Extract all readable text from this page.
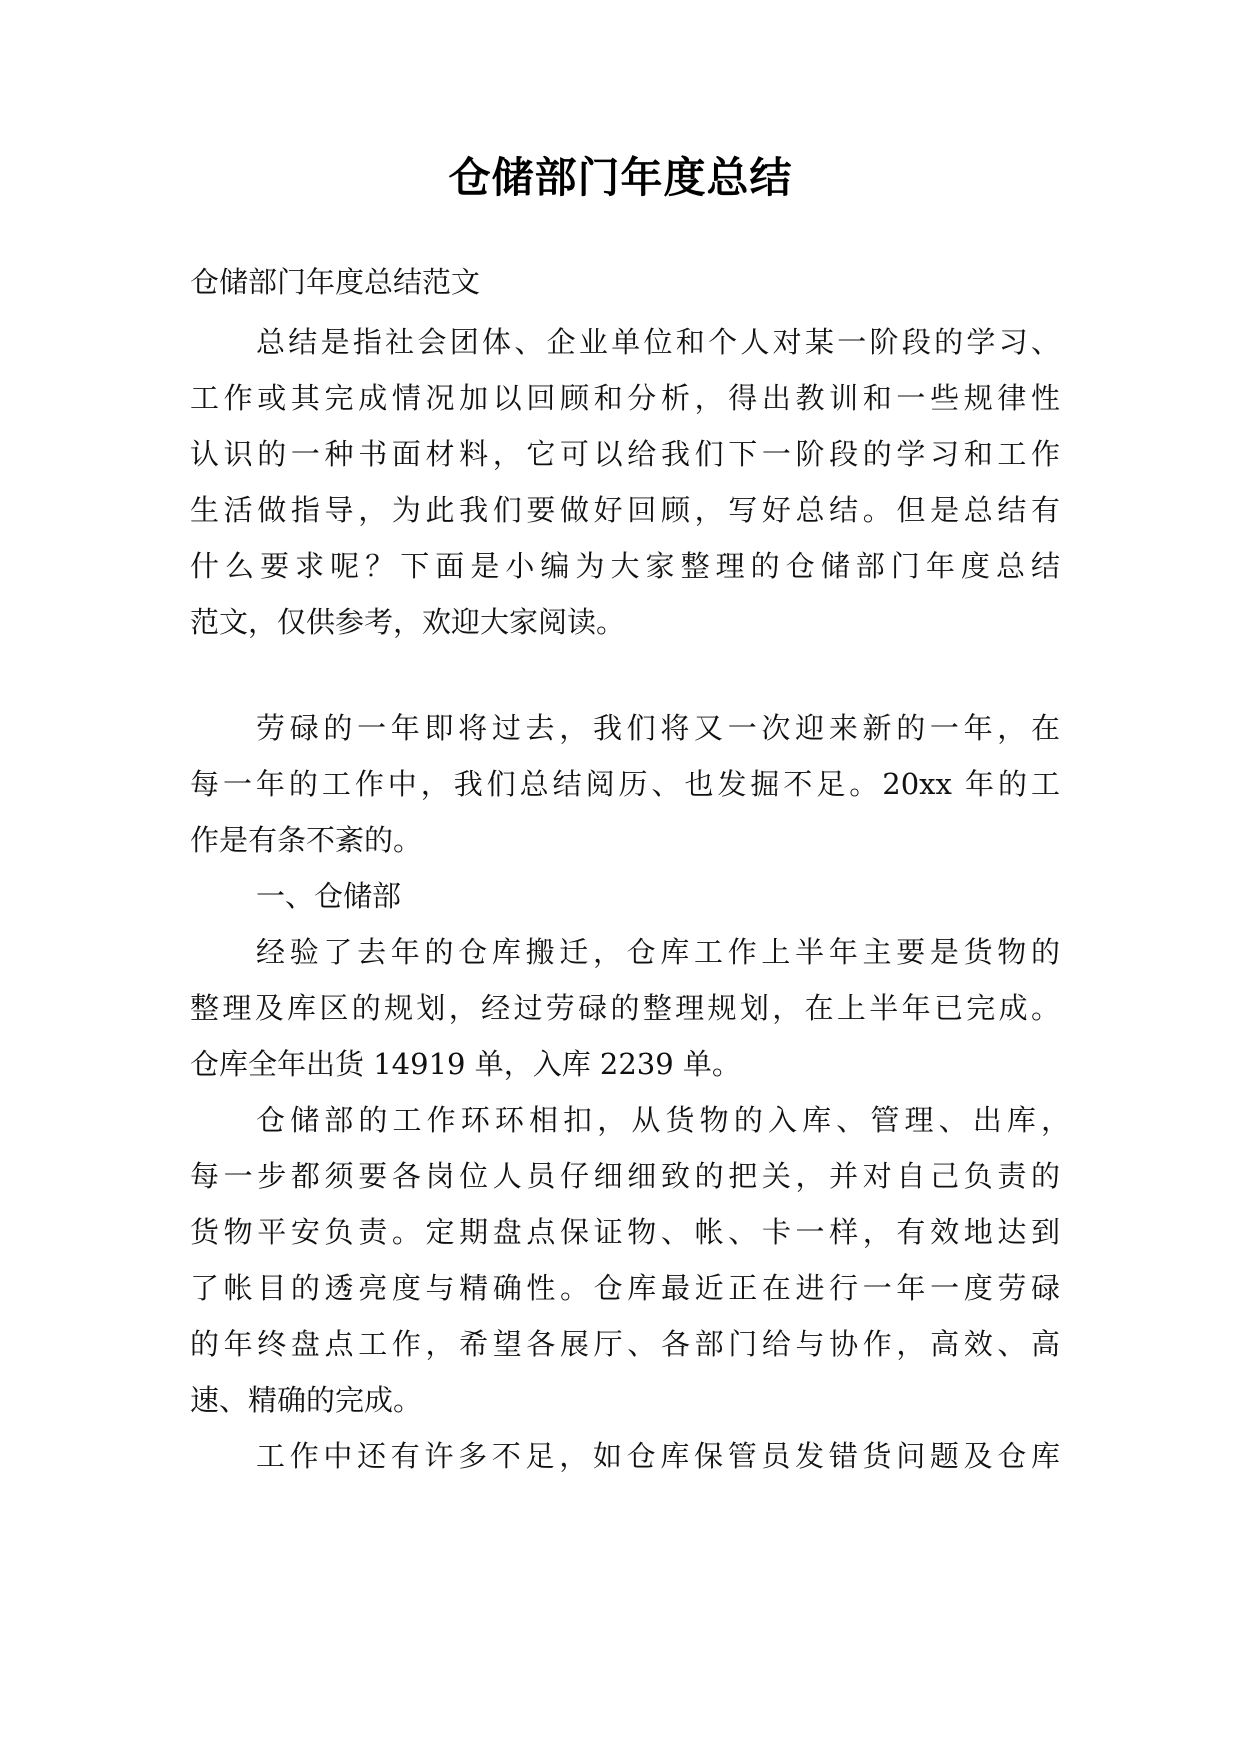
仓储部门年度总结
仓储部门年度总结范文
总结是指社会团体、企业单位和个人对某一阶段的学习、
工作或其完成情况加以回顾和分析，得出教训和一些规律性
认识的一种书面材料，它可以给我们下一阶段的学习和工作
生活做指导，为此我们要做好回顾，写好总结。但是总结有
什么要求呢？下面是小编为大家整理的仓储部门年度总结
范文，仅供参考，欢迎大家阅读。
劳碌的一年即将过去，我们将又一次迎来新的一年，在
每一年的工作中，我们总结阅历、也发掘不足。20xx 年的工
作是有条不紊的。
一、仓储部
经验了去年的仓库搬迁，仓库工作上半年主要是货物的
整理及库区的规划，经过劳碌的整理规划，在上半年已完成。
仓库全年出货 14919 单，入库 2239 单。
仓储部的工作环环相扣，从货物的入库、管理、出库，
每一步都须要各岗位人员仔细细致的把关，并对自己负责的
货物平安负责。定期盘点保证物、帐、卡一样，有效地达到
了帐目的透亮度与精确性。仓库最近正在进行一年一度劳碌
的年终盘点工作，希望各展厅、各部门给与协作，高效、高
速、精确的完成。
工作中还有许多不足，如仓库保管员发错货问题及仓库
